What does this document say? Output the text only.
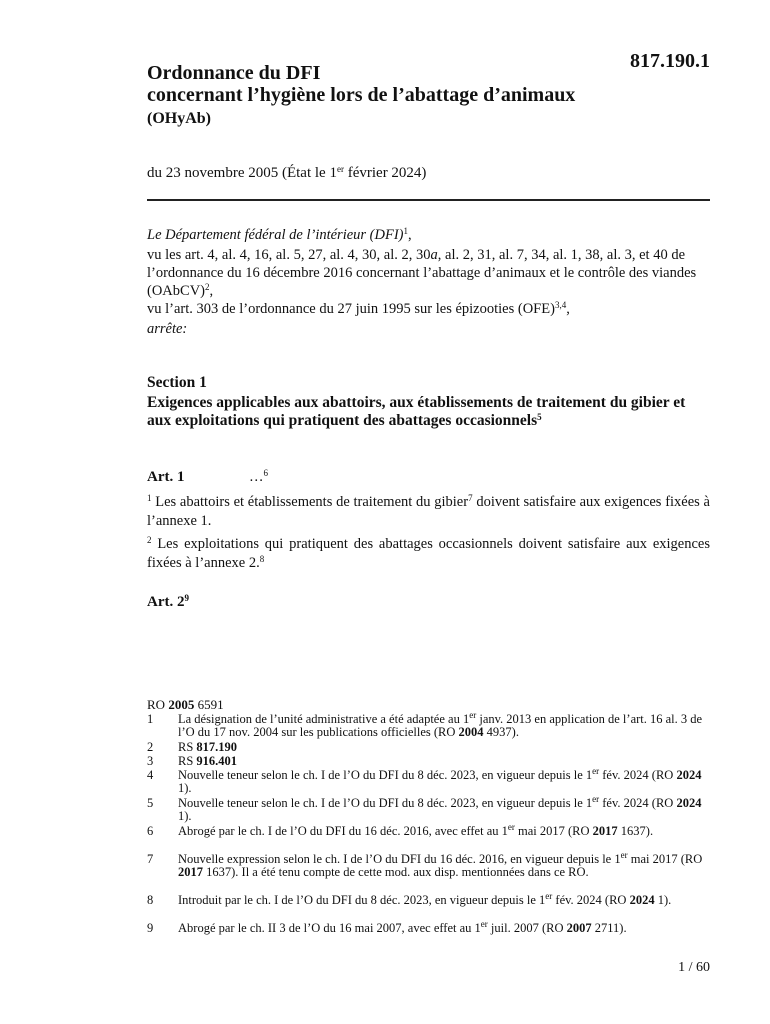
817.190.1
Ordonnance du DFI
concernant l’hygiène lors de l’abattage d’animaux
(OHyAb)
du 23 novembre 2005 (État le 1er février 2024)
Le Département fédéral de l’intérieur (DFI)$^1$,
vu les art. 4, al. 4, 16, al. 5, 27, al. 4, 30, al. 2, 30a, al. 2, 31, al. 7, 34, al. 1, 38, al. 3, et 40 de l’ordonnance du 16 décembre 2016 concernant l’abattage d’animaux et le contrôle des viandes (OAbCV)$^2$,
vu l’art. 303 de l’ordonnance du 27 juin 1995 sur les épizooties (OFE)$^{3,4}$,
arrête:
Section 1
Exigences applicables aux abattoirs, aux établissements de traitement du gibier et aux exploitations qui pratiquent des abattages occasionnels$^5$
Art. 1	…$^6$
$^1$ Les abattoirs et établissements de traitement du gibier$^7$ doivent satisfaire aux exigences fixées à l’annexe 1.
$^2$ Les exploitations qui pratiquent des abattages occasionnels doivent satisfaire aux exigences fixées à l’annexe 2.$^8$
Art. $2^9$
RO 2005 6591
1	La désignation de l’unité administrative a été adaptée au 1er janv. 2013 en application de l’art. 16 al. 3 de l’O du 17 nov. 2004 sur les publications officielles (RO 2004 4937).
2	RS 817.190
3	RS 916.401
4	Nouvelle teneur selon le ch. I de l’O du DFI du 8 déc. 2023, en vigueur depuis le 1er fév. 2024 (RO 2024 1).
5	Nouvelle teneur selon le ch. I de l’O du DFI du 8 déc. 2023, en vigueur depuis le 1er fév. 2024 (RO 2024 1).
6	Abrogé par le ch. I de l’O du DFI du 16 déc. 2016, avec effet au 1er mai 2017 (RO 2017 1637).
7	Nouvelle expression selon le ch. I de l’O du DFI du 16 déc. 2016, en vigueur depuis le 1er mai 2017 (RO 2017 1637). Il a été tenu compte de cette mod. aux disp. mentionnées dans ce RO.
8	Introduit par le ch. I de l’O du DFI du 8 déc. 2023, en vigueur depuis le 1er fév. 2024 (RO 2024 1).
9	Abrogé par le ch. II 3 de l’O du 16 mai 2007, avec effet au 1er juil. 2007 (RO 2007 2711).
1 / 60
